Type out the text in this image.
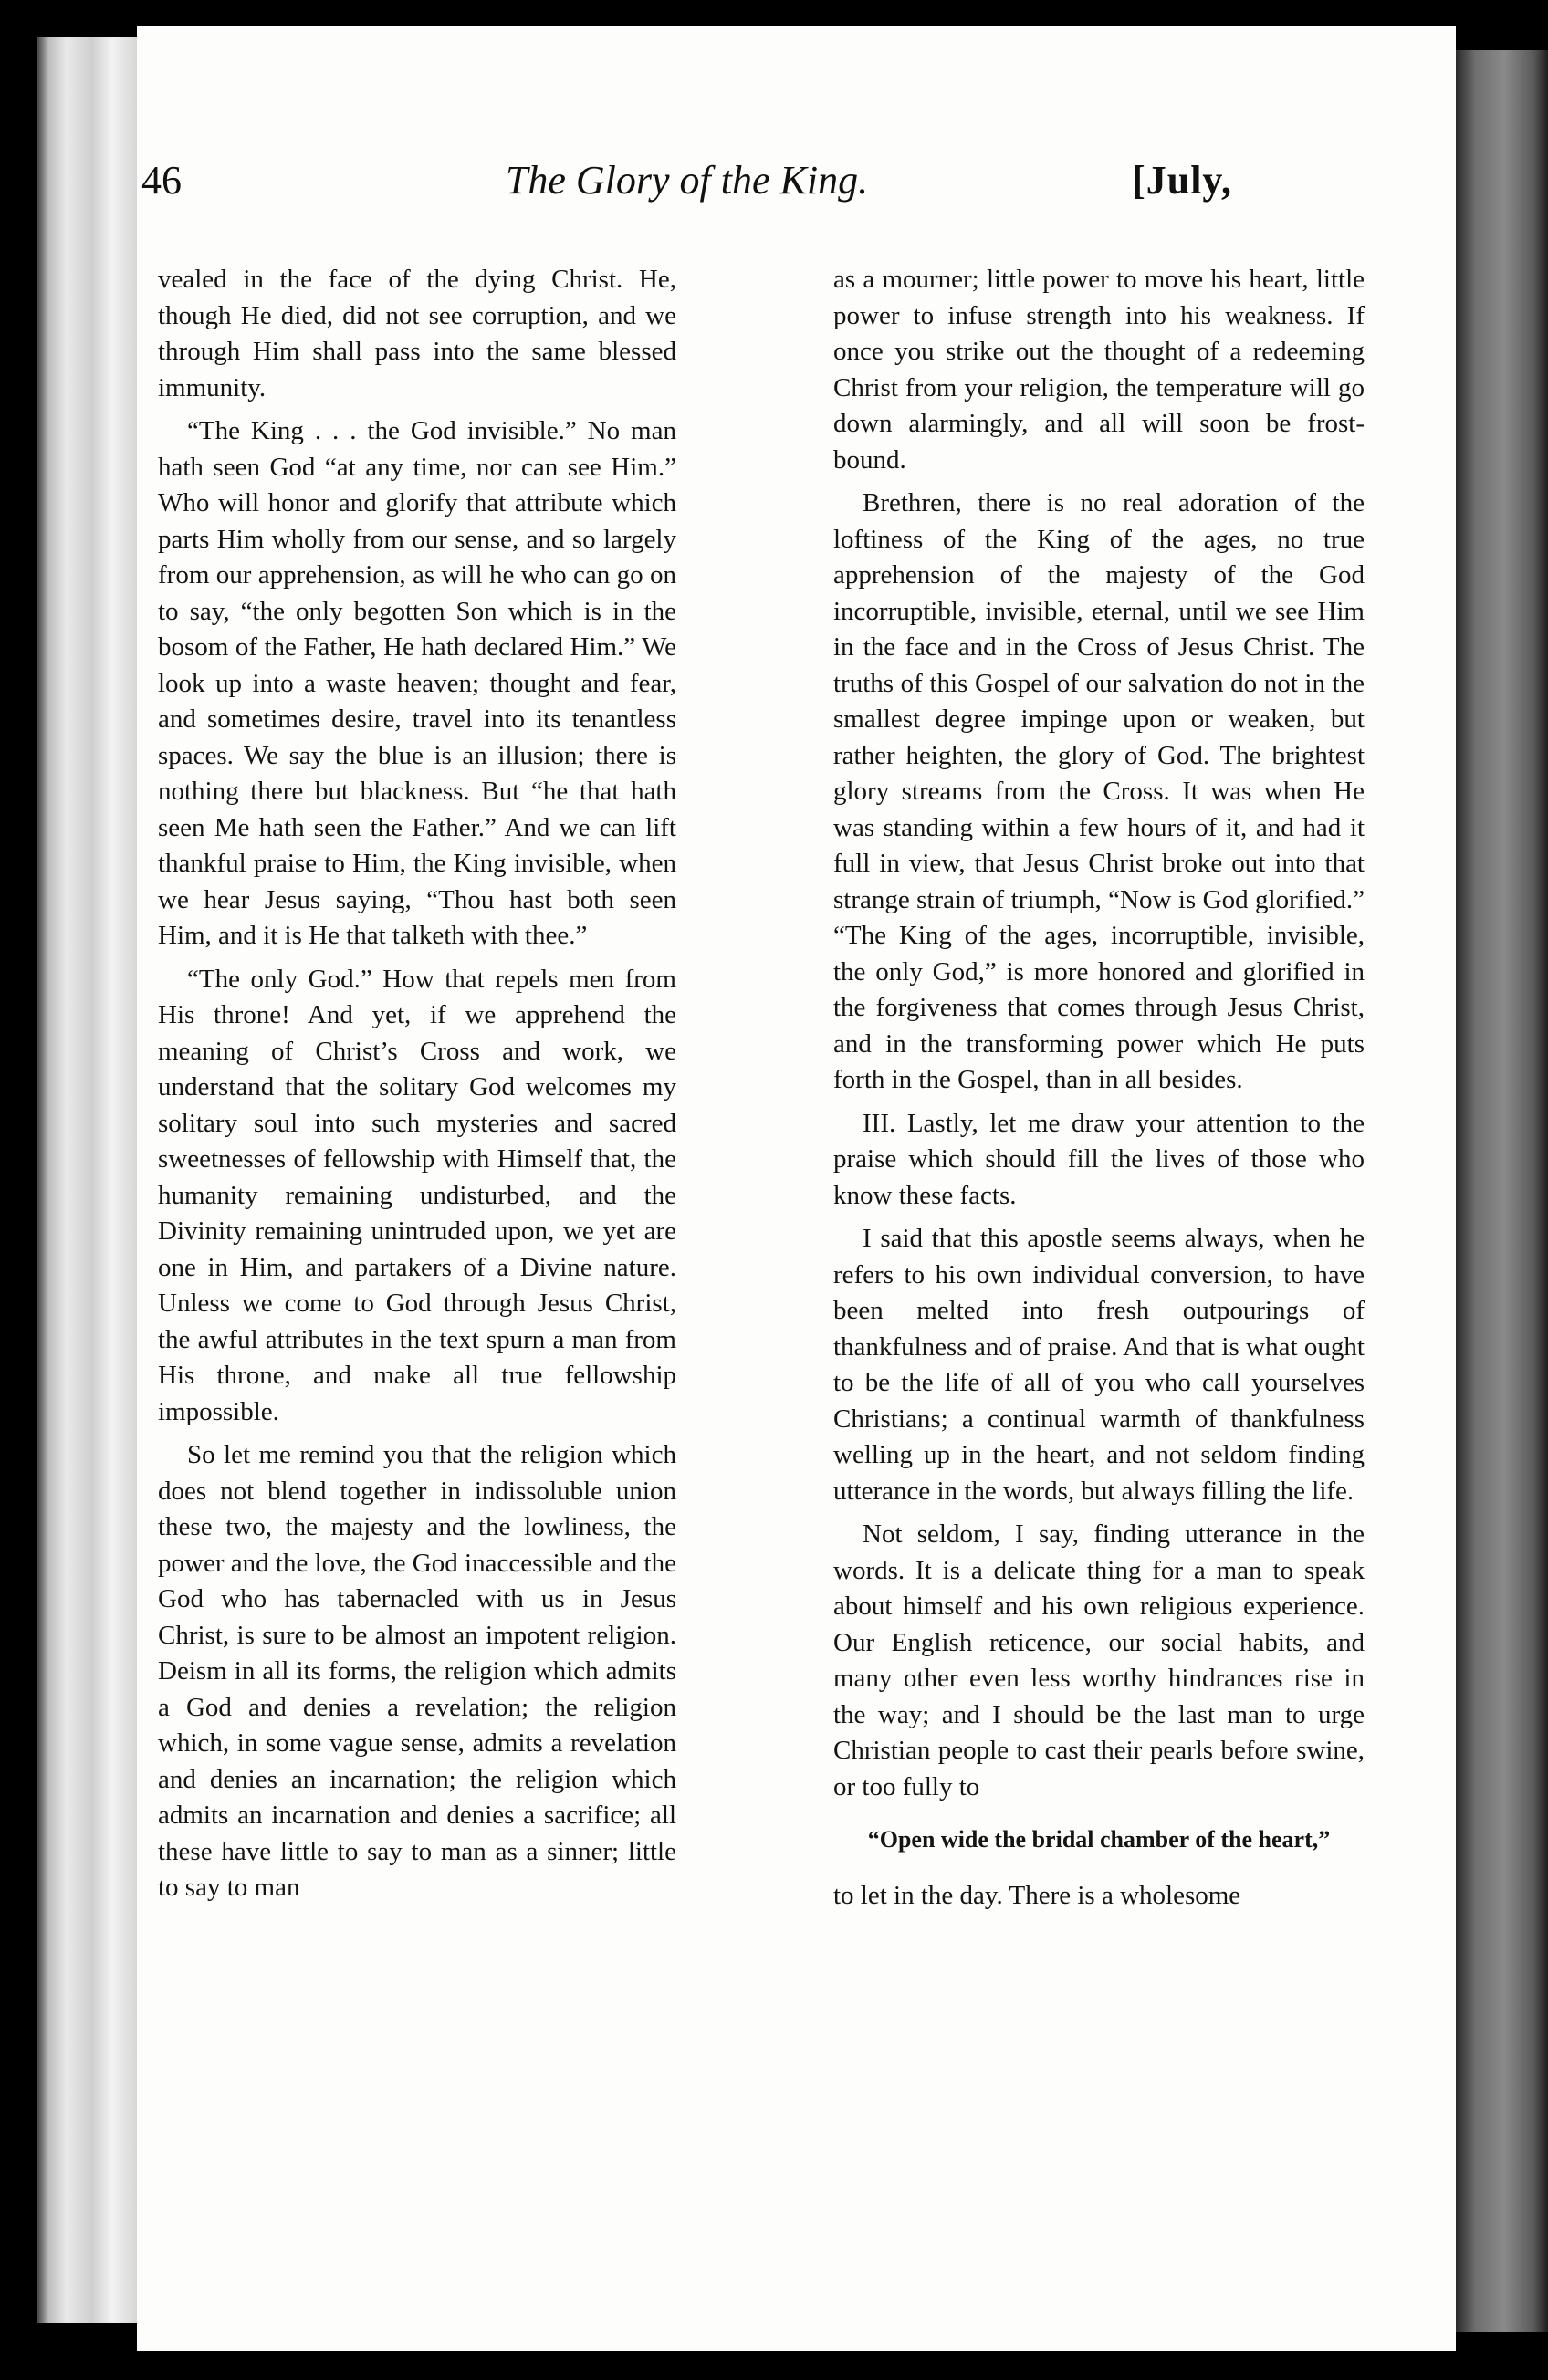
46	The Glory of the King.	[July,

vealed in the face of the dying Christ. He, though He died, did not see corruption, and we through Him shall pass into the same blessed immunity.

“The King . . . the God invisible.” No man hath seen God “at any time, nor can see Him.” Who will honor and glorify that attribute which parts Him wholly from our sense, and so largely from our apprehension, as will he who can go on to say, “the only begotten Son which is in the bosom of the Father, He hath declared Him.” We look up into a waste heaven; thought and fear, and sometimes desire, travel into its tenantless spaces. We say the blue is an illusion; there is nothing there but blackness. But “he that hath seen Me hath seen the Father.” And we can lift thankful praise to Him, the King invisible, when we hear Jesus saying, “Thou hast both seen Him, and it is He that talketh with thee.”

“The only God.” How that repels men from His throne! And yet, if we apprehend the meaning of Christ’s Cross and work, we understand that the solitary God welcomes my solitary soul into such mysteries and sacred sweetnesses of fellowship with Himself that, the humanity remaining undisturbed, and the Divinity remaining unintruded upon, we yet are one in Him, and partakers of a Divine nature. Unless we come to God through Jesus Christ, the awful attributes in the text spurn a man from His throne, and make all true fellowship impossible.

So let me remind you that the religion which does not blend together in indissoluble union these two, the majesty and the lowliness, the power and the love, the God inaccessible and the God who has tabernacled with us in Jesus Christ, is sure to be almost an impotent religion. Deism in all its forms, the religion which admits a God and denies a revelation; the religion which, in some vague sense, admits a revelation and denies an incarnation; the religion which admits an incarnation and denies a sacrifice; all these have little to say to man as a sinner; little to say to man

as a mourner; little power to move his heart, little power to infuse strength into his weakness. If once you strike out the thought of a redeeming Christ from your religion, the temperature will go down alarmingly, and all will soon be frost-bound.

Brethren, there is no real adoration of the loftiness of the King of the ages, no true apprehension of the majesty of the God incorruptible, invisible, eternal, until we see Him in the face and in the Cross of Jesus Christ. The truths of this Gospel of our salvation do not in the smallest degree impinge upon or weaken, but rather heighten, the glory of God. The brightest glory streams from the Cross. It was when He was standing within a few hours of it, and had it full in view, that Jesus Christ broke out into that strange strain of triumph, “Now is God glorified.” “The King of the ages, incorruptible, invisible, the only God,” is more honored and glorified in the forgiveness that comes through Jesus Christ, and in the transforming power which He puts forth in the Gospel, than in all besides.

III. Lastly, let me draw your attention to the praise which should fill the lives of those who know these facts.

I said that this apostle seems always, when he refers to his own individual conversion, to have been melted into fresh outpourings of thankfulness and of praise. And that is what ought to be the life of all of you who call yourselves Christians; a continual warmth of thankfulness welling up in the heart, and not seldom finding utterance in the words, but always filling the life.

Not seldom, I say, finding utterance in the words. It is a delicate thing for a man to speak about himself and his own religious experience. Our English reticence, our social habits, and many other even less worthy hindrances rise in the way; and I should be the last man to urge Christian people to cast their pearls before swine, or too fully to

“Open wide the bridal chamber of the heart,”

to let in the day. There is a wholesome
